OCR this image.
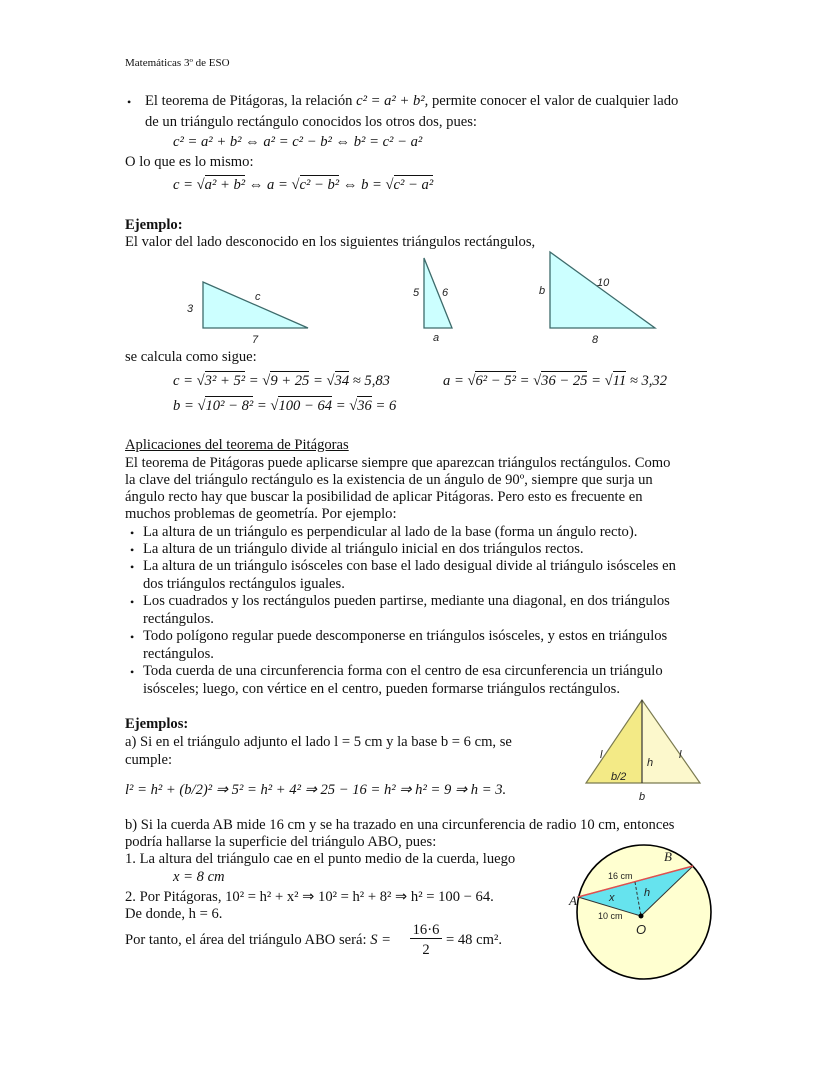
Matemáticas 3º de ESO
• El teorema de Pitágoras, la relación c² = a² + b², permite conocer el valor de cualquier lado
de un triángulo rectángulo conocidos los otros dos, pues:
c² = a² + b² ⇔ a² = c² − b² ⇔ b² = c² − a²
O lo que es lo mismo:
c = √a² + b² ⇔ a = √c² − b² ⇔ b = √c² − a²
Ejemplo:
El valor del lado desconocido en los siguientes triángulos rectángulos,
3
c
7
5 6
a
b
10
8
l
h
l
b/2
b
A
B
O
16 cm
x	h
10 cm
se calcula como sigue:
c = √3² + 5² = √9 + 25 = √34 ≈ 5,83	a = √6² − 5² = √36 − 25 = √11 ≈ 3,32
b = √10² − 8² = √100 − 64 = √36 = 6
Aplicaciones del teorema de Pitágoras
El teorema de Pitágoras puede aplicarse siempre que aparezcan triángulos rectángulos. Como
la clave del triángulo rectángulo es la existencia de un ángulo de 90º, siempre que surja un
ángulo recto hay que buscar la posibilidad de aplicar Pitágoras. Pero esto es frecuente en
muchos problemas de geometría. Por ejemplo:
• La altura de un triángulo es perpendicular al lado de la base (forma un ángulo recto).
• La altura de un triángulo divide al triángulo inicial en dos triángulos rectos.
• La altura de un triángulo isósceles con base el lado desigual divide al triángulo isósceles en
dos triángulos rectángulos iguales.
• Los cuadrados y los rectángulos pueden partirse, mediante una diagonal, en dos triángulos
rectángulos.
• Todo polígono regular puede descomponerse en triángulos isósceles, y estos en triángulos
rectángulos.
• Toda cuerda de una circunferencia forma con el centro de esa circunferencia un triángulo
isósceles; luego, con vértice en el centro, pueden formarse triángulos rectángulos.
Ejemplos:
a) Si en el triángulo adjunto el lado l = 5 cm y la base b = 6 cm, se
cumple:
l² = h² + (b/2)² ⇒ 5² = h² + 4² ⇒ 25 − 16 = h² ⇒ h² = 9 ⇒ h = 3.
b) Si la cuerda AB mide 16 cm y se ha trazado en una circunferencia de radio 10 cm, entonces
podría hallarse la superficie del triángulo ABO, pues:
1. La altura del triángulo cae en el punto medio de la cuerda, luego
x = 8 cm
2. Por Pitágoras, 10² = h² + x² ⇒ 10² = h² + 8² ⇒ h² = 100 − 64.
De donde, h = 6.
Por tanto, el área del triángulo ABO será: S =
16·6
2
= 48 cm².
